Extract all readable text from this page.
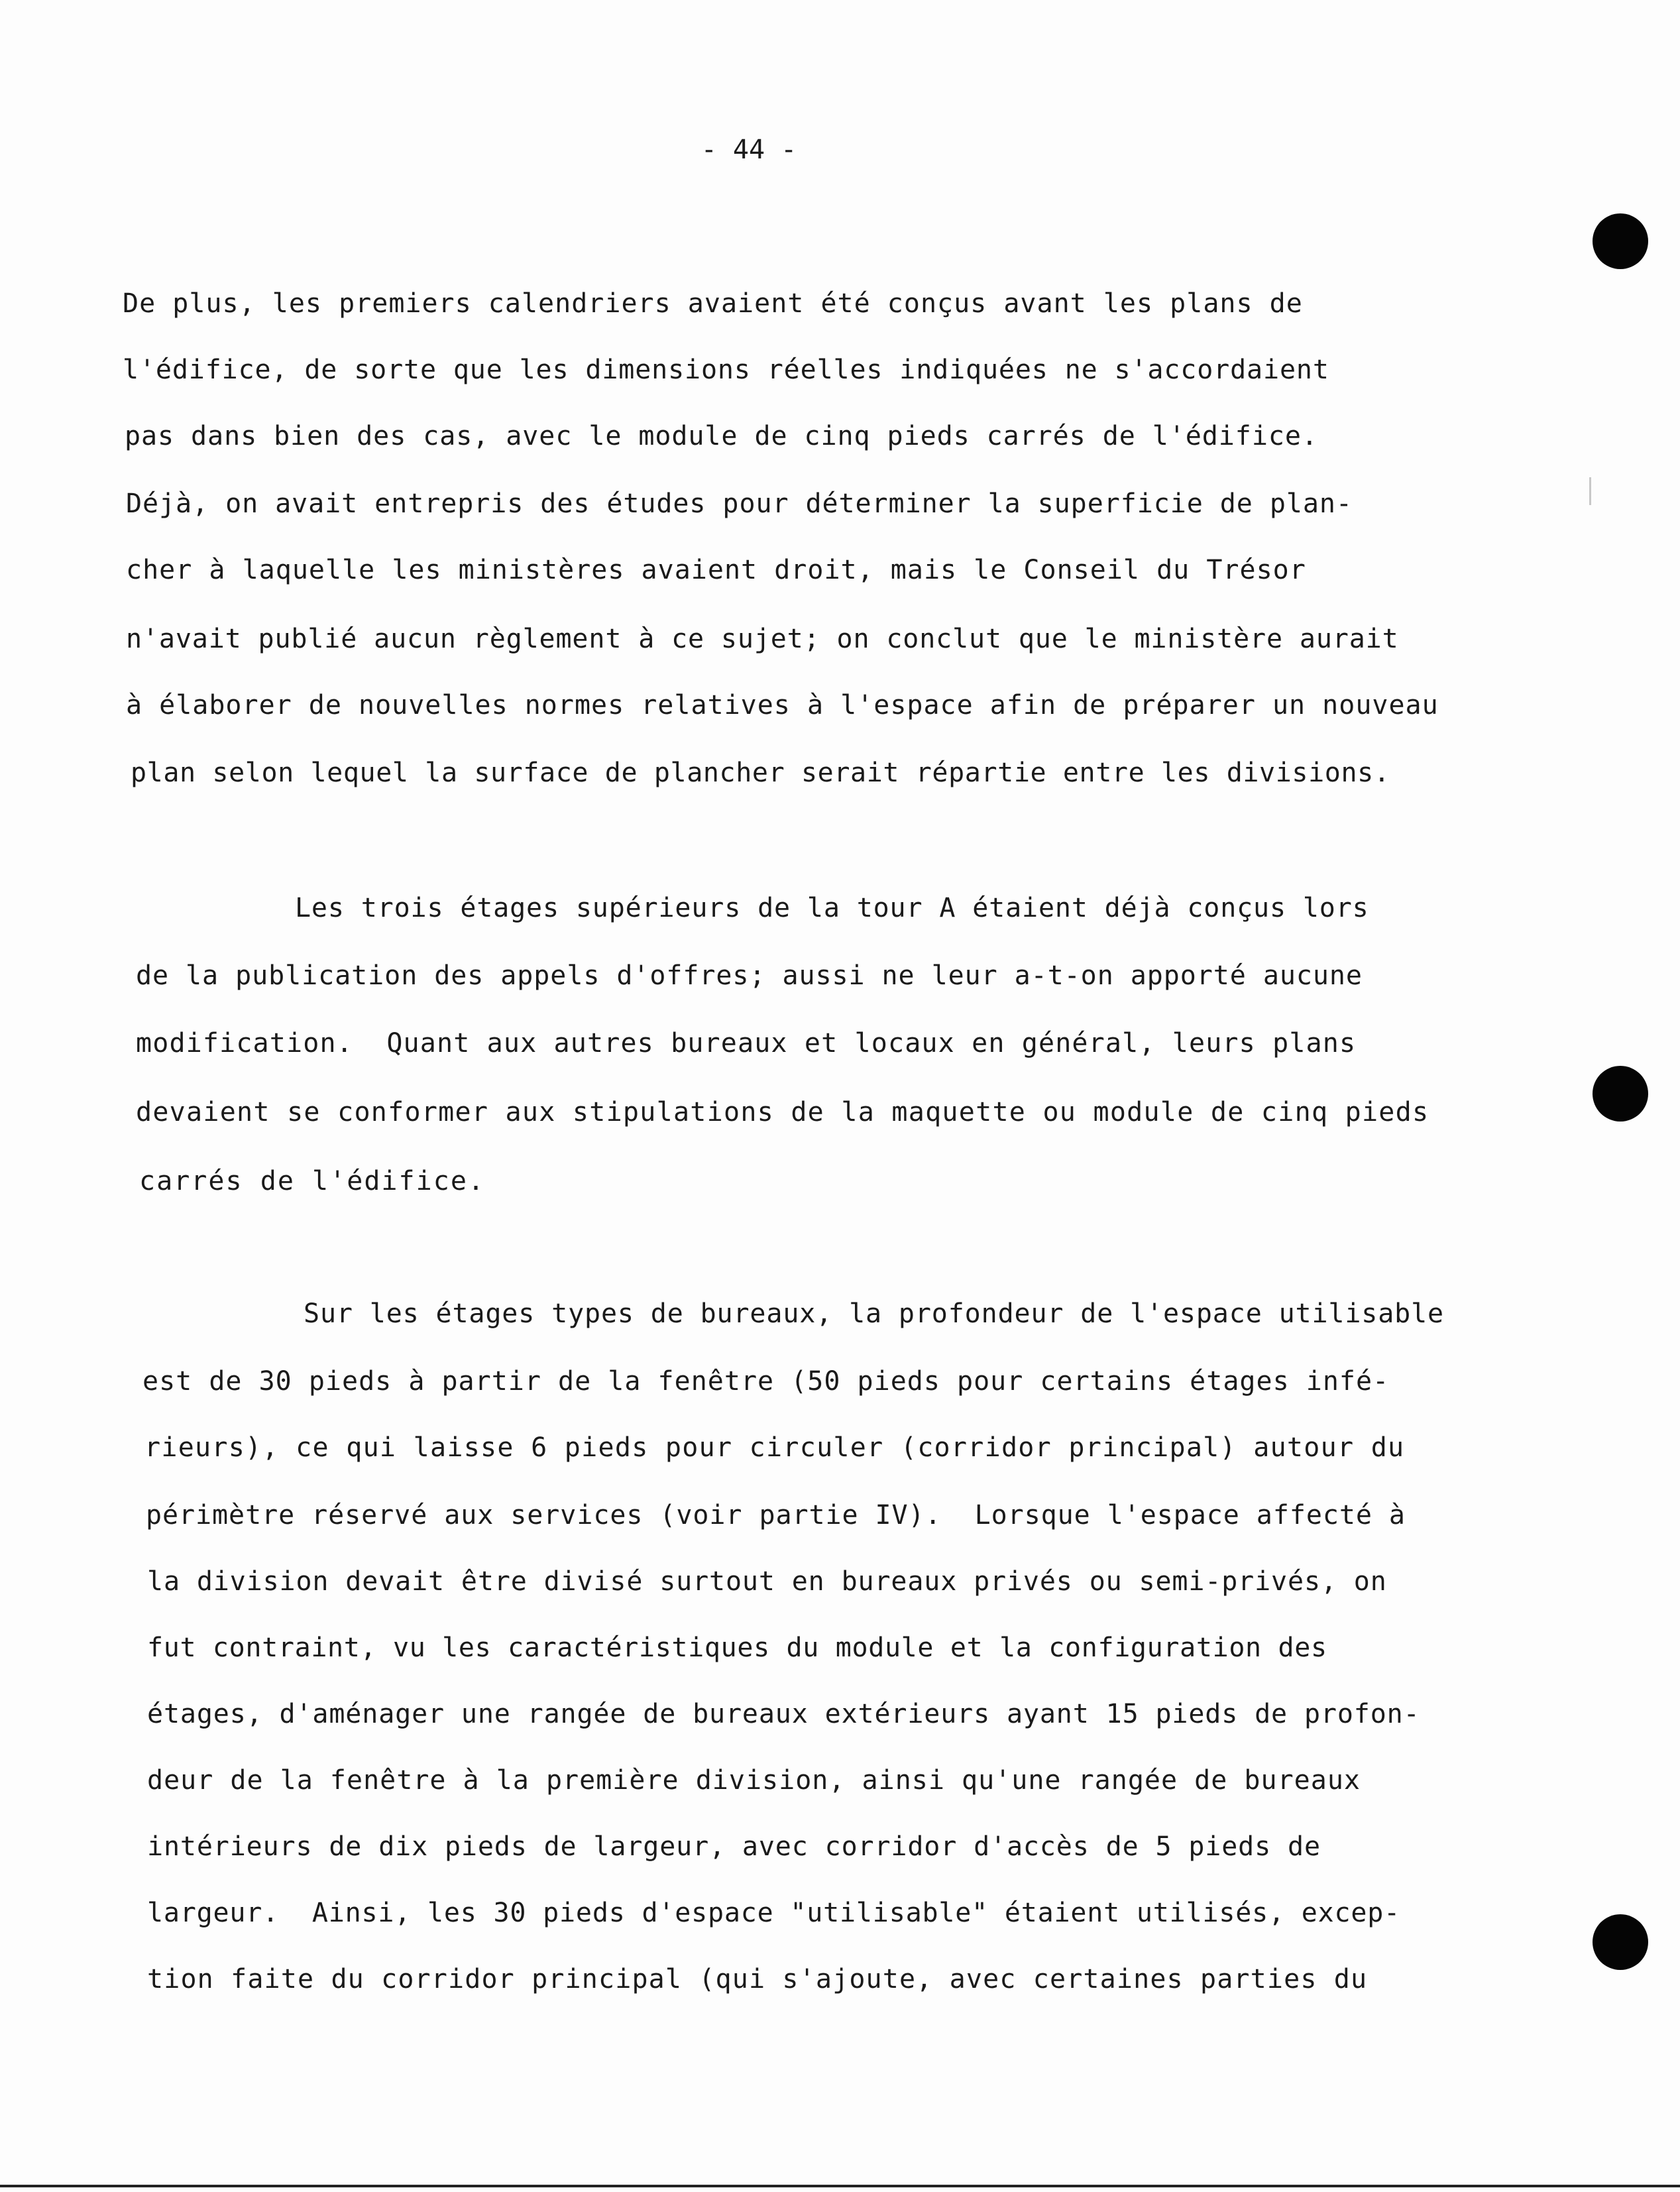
- 44 -
De plus, les premiers calendriers avaient été conçus avant les plans de
l'édifice, de sorte que les dimensions réelles indiquées ne s'accordaient
pas dans bien des cas, avec le module de cinq pieds carrés de l'édifice.
Déjà, on avait entrepris des études pour déterminer la superficie de plan-
cher à laquelle les ministères avaient droit, mais le Conseil du Trésor
n'avait publié aucun règlement à ce sujet; on conclut que le ministère aurait
à élaborer de nouvelles normes relatives à l'espace afin de préparer un nouveau
plan selon lequel la surface de plancher serait répartie entre les divisions.
Les trois étages supérieurs de la tour A étaient déjà conçus lors
de la publication des appels d'offres; aussi ne leur a-t-on apporté aucune
modification.  Quant aux autres bureaux et locaux en général, leurs plans
devaient se conformer aux stipulations de la maquette ou module de cinq pieds
carrés de l'édifice.
Sur les étages types de bureaux, la profondeur de l'espace utilisable
est de 30 pieds à partir de la fenêtre (50 pieds pour certains étages infé-
rieurs), ce qui laisse 6 pieds pour circuler (corridor principal) autour du
périmètre réservé aux services (voir partie IV).  Lorsque l'espace affecté à
la division devait être divisé surtout en bureaux privés ou semi-privés, on
fut contraint, vu les caractéristiques du module et la configuration des
étages, d'aménager une rangée de bureaux extérieurs ayant 15 pieds de profon-
deur de la fenêtre à la première division, ainsi qu'une rangée de bureaux
intérieurs de dix pieds de largeur, avec corridor d'accès de 5 pieds de
largeur.  Ainsi, les 30 pieds d'espace "utilisable" étaient utilisés, excep-
tion faite du corridor principal (qui s'ajoute, avec certaines parties du
